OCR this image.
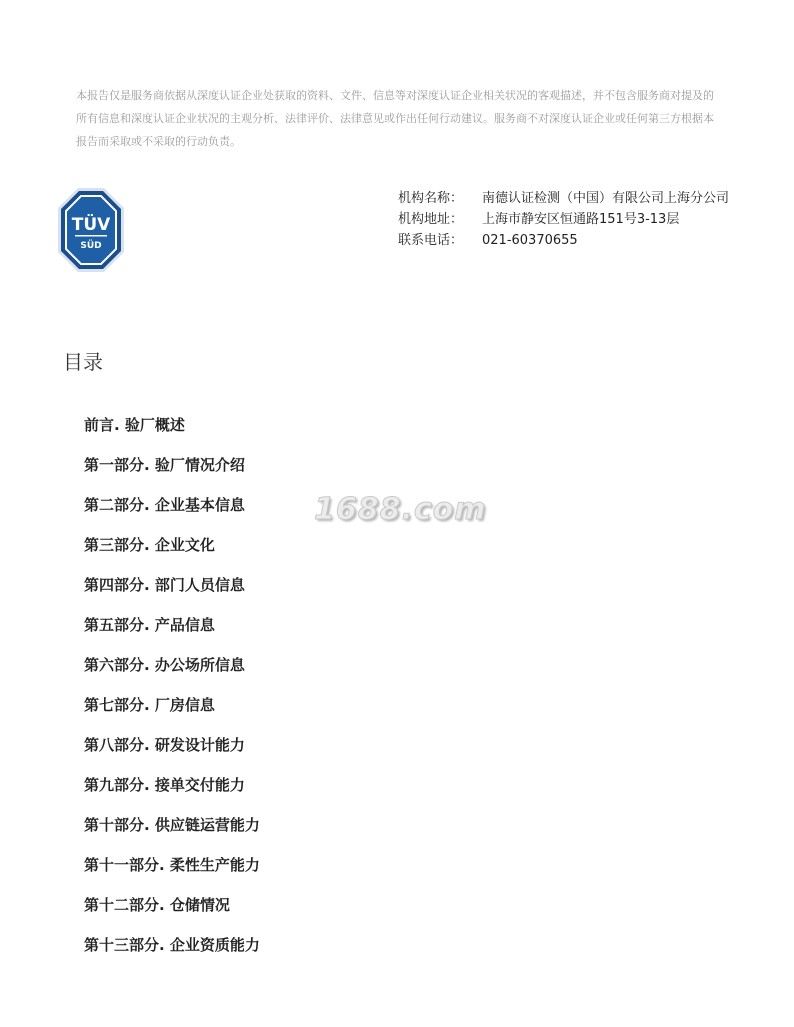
本报告仅是服务商依据从深度认证企业处获取的资料、文件、信息等对深度认证企业相关状况的客观描述，并不包含服务商对提及的所有信息和深度认证企业状况的主观分析、法律评价、法律意见或作出任何行动建议。服务商不对深度认证企业或任何第三方根据本报告而采取或不采取的行动负责。
TÜV
SÜD
机构名称：	南德认证检测（中国）有限公司上海分公司
机构地址：	上海市静安区恒通路151号3-13层
联系电话：	021-60370655
目录
前言. 验厂概述
第一部分. 验厂情况介绍
第二部分. 企业基本信息
第三部分. 企业文化
第四部分. 部门人员信息
第五部分. 产品信息
第六部分. 办公场所信息
第七部分. 厂房信息
第八部分. 研发设计能力
第九部分. 接单交付能力
第十部分. 供应链运营能力
第十一部分. 柔性生产能力
第十二部分. 仓储情况
第十三部分. 企业资质能力
1688.com
